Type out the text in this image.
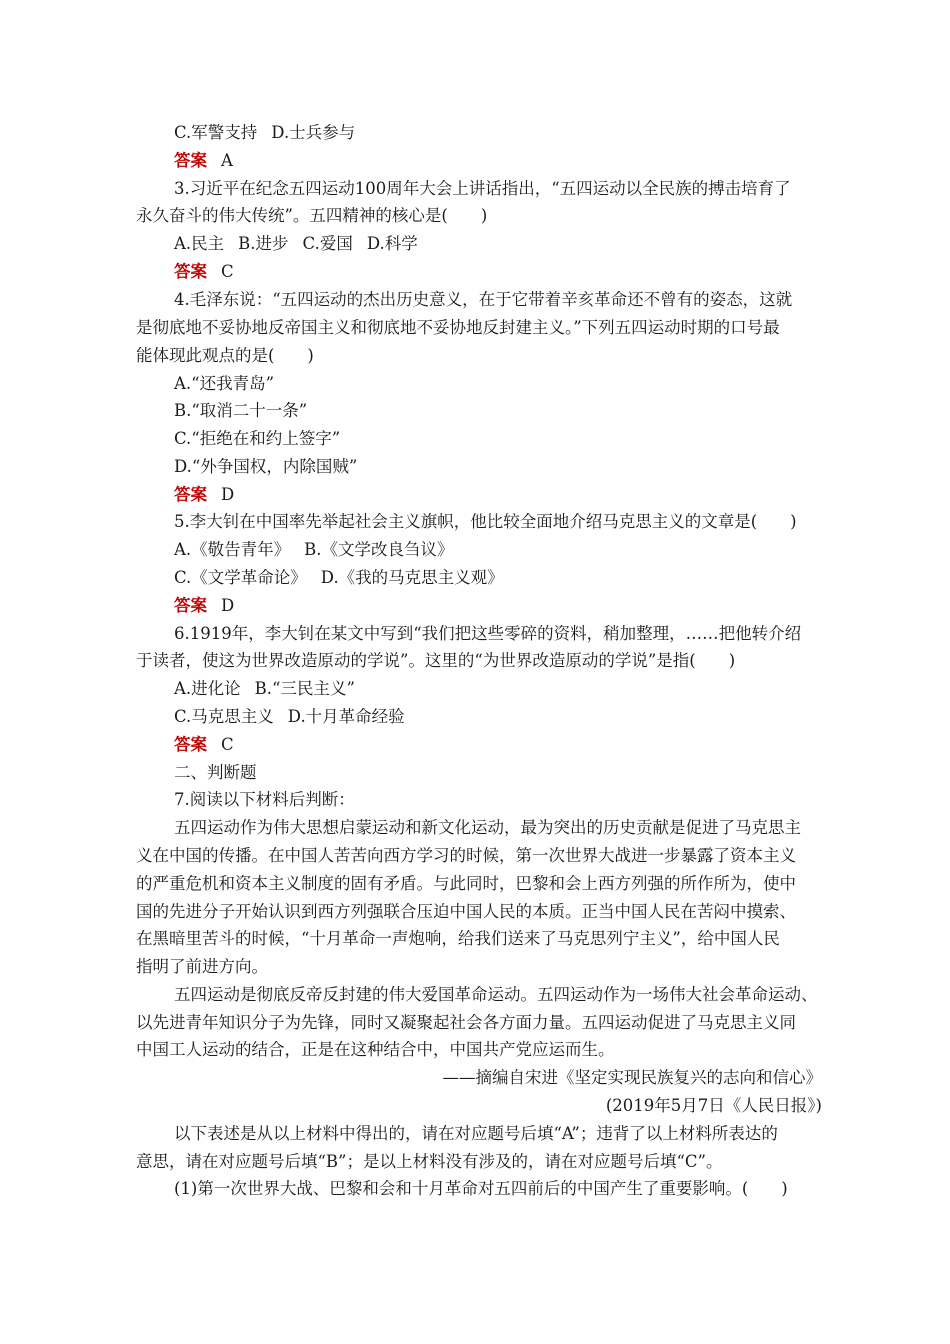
C.军警支持 D.士兵参与
答案 A
3.习近平在纪念五四运动100周年大会上讲话指出，“五四运动以全民族的搏击培育了
永久奋斗的伟大传统”。五四精神的核心是(　　)
A.民主 B.进步 C.爱国 D.科学
答案 C
4.毛泽东说：“五四运动的杰出历史意义，在于它带着辛亥革命还不曾有的姿态，这就
是彻底地不妥协地反帝国主义和彻底地不妥协地反封建主义。”下列五四运动时期的口号最
能体现此观点的是(　　)
A.“还我青岛”
B.“取消二十一条”
C.“拒绝在和约上签字”
D.“外争国权，内除国贼”
答案 D
5.李大钊在中国率先举起社会主义旗帜，他比较全面地介绍马克思主义的文章是(　　)
A.《敬告青年》 B.《文学改良刍议》
C.《文学革命论》 D.《我的马克思主义观》
答案 D
6.1919年，李大钊在某文中写到“我们把这些零碎的资料，稍加整理，……把他转介绍
于读者，使这为世界改造原动的学说”。这里的“为世界改造原动的学说”是指(　　)
A.进化论 B.“三民主义”
C.马克思主义 D.十月革命经验
答案 C
二、判断题
7.阅读以下材料后判断：
五四运动作为伟大思想启蒙运动和新文化运动，最为突出的历史贡献是促进了马克思主
义在中国的传播。在中国人苦苦向西方学习的时候，第一次世界大战进一步暴露了资本主义
的严重危机和资本主义制度的固有矛盾。与此同时，巴黎和会上西方列强的所作所为，使中
国的先进分子开始认识到西方列强联合压迫中国人民的本质。正当中国人民在苦闷中摸索、
在黑暗里苦斗的时候，“十月革命一声炮响，给我们送来了马克思列宁主义”，给中国人民
指明了前进方向。
五四运动是彻底反帝反封建的伟大爱国革命运动。五四运动作为一场伟大社会革命运动、
以先进青年知识分子为先锋，同时又凝聚起社会各方面力量。五四运动促进了马克思主义同
中国工人运动的结合，正是在这种结合中，中国共产党应运而生。
——摘编自宋进《坚定实现民族复兴的志向和信心》
(2019年5月7日《人民日报》)
以下表述是从以上材料中得出的，请在对应题号后填“A”；违背了以上材料所表达的
意思，请在对应题号后填“B”；是以上材料没有涉及的，请在对应题号后填“C”。
(1)第一次世界大战、巴黎和会和十月革命对五四前后的中国产生了重要影响。(　　)
